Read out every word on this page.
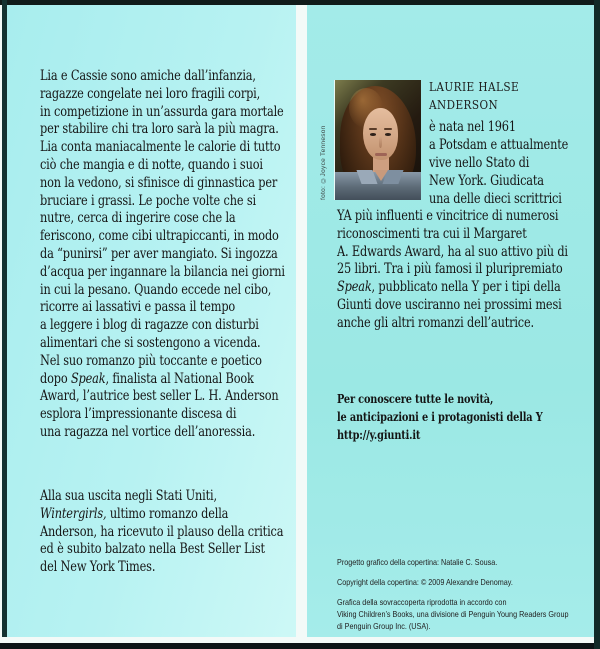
Lia e Cassie sono amiche dall’infanzia,
ragazze congelate nei loro fragili corpi,
in competizione in un’assurda gara mortale
per stabilire chi tra loro sarà la più magra.
Lia conta maniacalmente le calorie di tutto
ciò che mangia e di notte, quando i suoi
non la vedono, si sfinisce di ginnastica per
bruciare i grassi. Le poche volte che si
nutre, cerca di ingerire cose che la
feriscono, come cibi ultrapiccanti, in modo
da “punirsi” per aver mangiato. Si ingozza
d’acqua per ingannare la bilancia nei giorni
in cui la pesano. Quando eccede nel cibo,
ricorre ai lassativi e passa il tempo
a leggere i blog di ragazze con disturbi
alimentari che si sostengono a vicenda.
Nel suo romanzo più toccante e poetico
dopo Speak, finalista al National Book
Award, l’autrice best seller L. H. Anderson
esplora l’impressionante discesa di
una ragazza nel vortice dell’anoressia.

Alla sua uscita negli Stati Uniti,
Wintergirls, ultimo romanzo della
Anderson, ha ricevuto il plauso della critica
ed è subito balzato nella Best Seller List
del New York Times.

foto: ©Joyce Tenneson
LAURIE HALSE
ANDERSON

è nata nel 1961
a Potsdam e attualmente
vive nello Stato di
New York. Giudicata
una delle dieci scrittrici

YA più influenti e vincitrice di numerosi
riconoscimenti tra cui il Margaret
A. Edwards Award, ha al suo attivo più di
25 libri. Tra i più famosi il pluripremiato
Speak, pubblicato nella Y per i tipi della
Giunti dove usciranno nei prossimi mesi
anche gli altri romanzi dell’autrice.

Per conoscere tutte le novità,
le anticipazioni e i protagonisti della Y
http://y.giunti.it

Progetto grafico della copertina: Natalie C. Sousa.

Copyright della copertina: © 2009 Alexandre Denomay.

Grafica della sovraccoperta riprodotta in accordo con
Viking Children’s Books, una divisione di Penguin Young Readers Group
di Penguin Group Inc. (USA).
